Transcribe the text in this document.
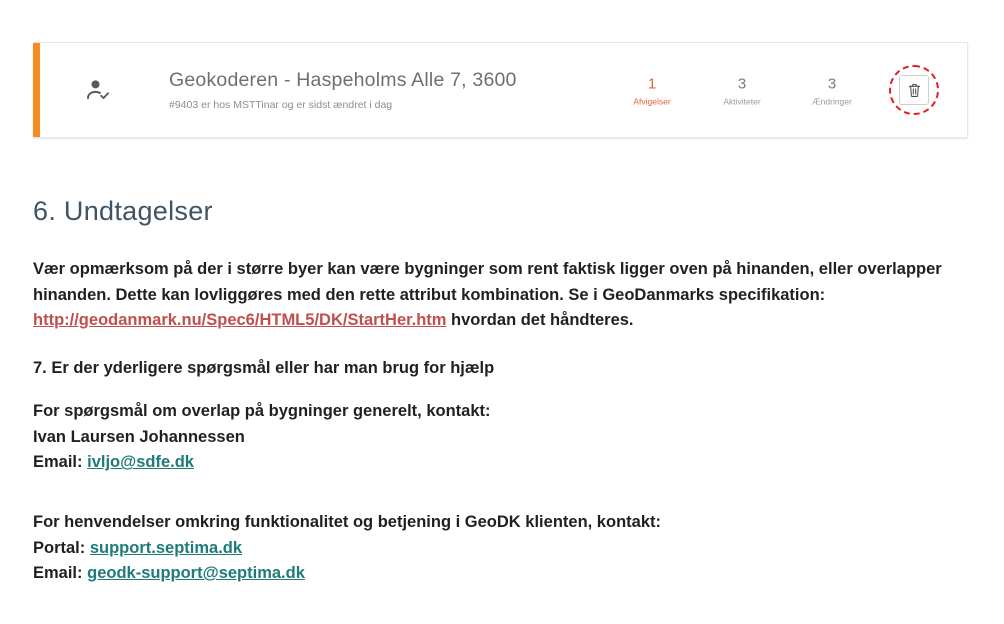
Geokoderen - Haspeholms Alle 7, 3600
#9403 er hos MSTTinar og er sidst ændret i dag
1
Afvigelser
3
Aktiviteter
3
Ændringer
6. Undtagelser

Vær opmærksom på der i større byer kan være bygninger som rent faktisk ligger oven på hinanden, eller overlapper hinanden. Dette kan lovliggøres med den rette attribut kombination. Se i GeoDanmarks specifikation: http://geodanmark.nu/Spec6/HTML5/DK/StartHer.htm hvordan det håndteres.

7. Er der yderligere spørgsmål eller har man brug for hjælp

For spørgsmål om overlap på bygninger generelt, kontakt:
Ivan Laursen Johannessen
Email: ivljo@sdfe.dk

For henvendelser omkring funktionalitet og betjening i GeoDK klienten, kontakt:
Portal: support.septima.dk
Email: geodk-support@septima.dk
